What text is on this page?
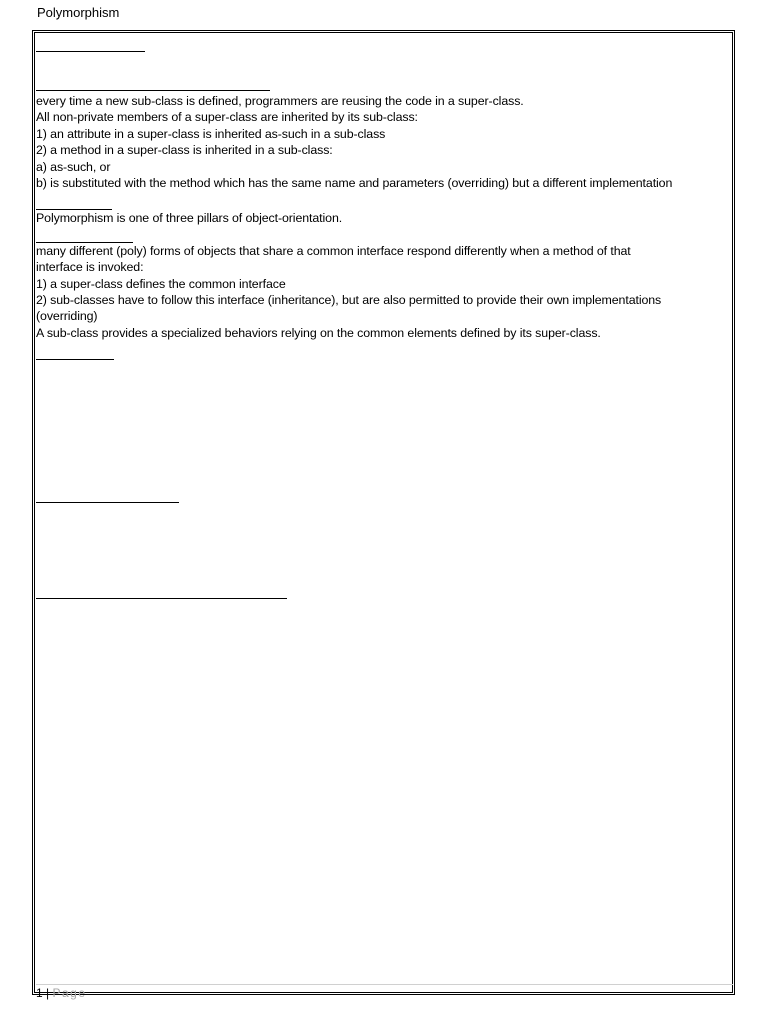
Polymorphism
every time a new sub-class is defined, programmers are reusing the code in a super-class.
All non-private members of a super-class are inherited by its sub-class:
1) an attribute in a super-class is inherited as-such in a sub-class
2) a method in a super-class is inherited in a sub-class:
a) as-such, or
b) is substituted with the method which has the same name and parameters (overriding) but a different implementation
Polymorphism is one of three pillars of object-orientation.
many different (poly) forms of objects that share a common interface respond differently when a method of that
interface is invoked:
1) a super-class defines the common interface
2) sub-classes have to follow this interface (inheritance), but are also permitted to provide their own implementations
(overriding)
A sub-class provides a specialized behaviors relying on the common elements defined by its super-class.
1 | Page
